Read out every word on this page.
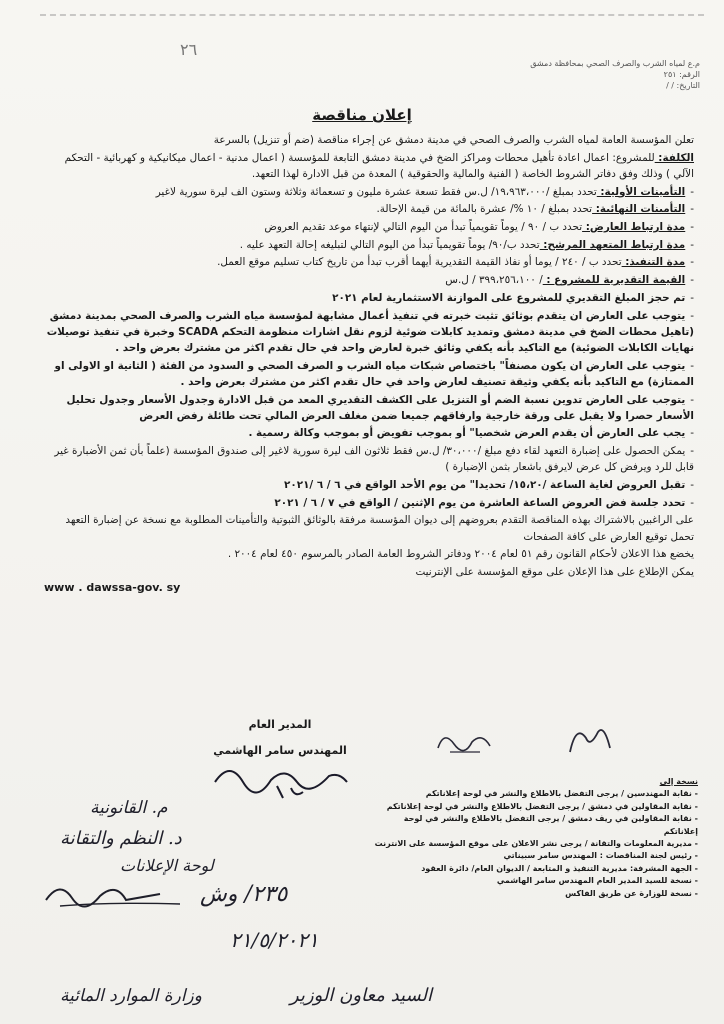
٢٦
م.ع لمياه الشرب والصرف الصحي بمحافظة دمشق
الرقم: ٢٥١
التاريخ: / /
إعلان مناقصة

تعلن المؤسسة العامة لمياه الشرب والصرف الصحي في مدينة دمشق عن إجراء مناقصة (ضم أو تنزيل) بالسرعة

الكلفة: للمشروع: اعمال اعادة تأهيل محطات ومراكز الضخ في مدينة دمشق التابعة للمؤسسة ( اعمال مدنية - اعمال ميكانيكية و كهربائية - التحكم الآلي ) وذلك وفق دفاتر الشروط الخاصة ( الفنية والمالية والحقوقية ) المعدة من قبل الادارة لهذا التعهد.

- التأمينات الأولية: تحدد بمبلغ /١٩،٩٦٣،٠٠٠/ ل.س فقط تسعة عشرة مليون و تسعمائة وثلاثة وستون الف ليرة سورية لاغير

- التأمينات النهائية: تحدد بمبلغ / ١٠ %/ عشرة بالمائة من قيمة الإحالة.

- مدة ارتباط العارض: تحدد ب / ٩٠ / يوماً تقويمياً تبدأ من اليوم التالي لإنتهاء موعد تقديم العروض

- مدة ارتباط المتعهد المرشح: تحدد ب/٩٠/ يوماً تقويمياً تبدأ من اليوم التالي لتبليغه إحالة التعهد عليه .

- مدة التنفيذ: تحدد ب / ٢٤٠ / يوما أو نفاذ القيمة التقديرية أيهما أقرب تبدأ من تاريخ كتاب تسليم موقع العمل.

- القيمة التقديرية للمشروع : / ٣٩٩،٢٥٦،١٠٠ / ل.س

- تم حجز المبلغ التقديري للمشروع على الموازنة الاستثمارية لعام ٢٠٢١

- يتوجب على العارض ان يتقدم بوثائق تثبت خبرته في تنفيذ أعمال مشابهة لمؤسسة مياه الشرب والصرف الصحي بمدينة دمشق (تاهيل محطات الضخ في مدينة دمشق وتمديد كابلات ضوئية لزوم نقل اشارات منظومة التحكم SCADA وخبرة في تنفيذ توصيلات نهايات الكابلات الضوئية) مع التاكيد بأنه يكفي وثائق خبرة لعارض واحد في حال تقدم اكثر من مشترك بعرض واحد .

- يتوجب على العارض ان يكون مصنفاً" باختصاص شبكات مياه الشرب و الصرف الصحي و السدود من الفئة ( الثانية او الاولى او الممتازة) مع التاكيد بأنه يكفي وثيقة تصنيف لعارض واحد في حال تقدم اكثر من مشترك بعرض واحد .

- يتوجب على العارض تدوين نسبة الضم أو التنزيل على الكشف التقديري المعد من قبل الادارة وجدول الأسعار وجدول تحليل الأسعار حصرا ولا يقبل على ورقة خارجية وارفاقهم جميعا ضمن مغلف العرض المالي تحت طائلة رفض العرض

- يجب على العارض أن يقدم العرض شخصيا" أو بموجب تفويض أو بموجب وكالة رسمية .

- يمكن الحصول على إضبارة التعهد لقاء دفع مبلغ /٣٠،٠٠٠/ ل.س فقط ثلاثون الف ليرة سورية لاغير إلى صندوق المؤسسة (علماً بأن ثمن الأضبارة غير قابل للرد ويرفض كل عرض لايرفق باشعار بثمن الإضبارة )

- تقبل العروض لغاية الساعة /١٥،٢٠/ تحديدا" من يوم الأحد الواقع في ٦ / ٦ /٢٠٢١

- تحدد جلسة فض العروض الساعة العاشرة من يوم الإثنين / الواقع في ٧ / ٦ / ٢٠٢١

على الراغبين بالاشتراك بهذه المناقصة التقدم بعروضهم إلى ديوان المؤسسة مرفقة بالوثائق الثبوتية والتأمينات المطلوبة مع نسخة عن إضبارة التعهد تحمل توقيع العارض على كافة الصفحات

يخضع هذا الاعلان لأحكام القانون رقم ٥١ لعام ٢٠٠٤ ودفاتر الشروط العامة الصادر بالمرسوم ٤٥٠ لعام ٢٠٠٤ .

يمكن الإطلاع على هذا الإعلان على موقع المؤسسة على الإنترنيت
www . dawssa-gov. sy

المدير العام
المهندس سامر الهاشمي
نسخة إلى
- نقابة المهندسين / يرجى التفضل بالاطلاع والنشر في لوحة إعلاناتكم
- نقابة المقاولين في دمشق / يرجى التفضل بالاطلاع والنشر في لوحة إعلاناتكم
- نقابة المقاولين في ريف دمشق / يرجى التفضل بالاطلاع والنشر في لوحة إعلاناتكم
- مديرية المعلومات والتقانة / يرجى نشر الاعلان على موقع المؤسسة على الانترنت
- رئيس لجنة المناقصات : المهندس سامر سبيناتي
- الجهة المشرفة: مديرية التنفيذ و المتابعة / الديوان العام/ دائرة العقود
- نسخة للسيد المدير العام المهندس سامر الهاشمي
- نسخة للوزارة عن طريق الفاكس
م. القانونية
د. النظم والتقانة
لوحة الإعلانات
٢٣٥/ وش
٢١/٥/٢٠٢١
السيد معاون الوزير
وزارة الموارد المائية
